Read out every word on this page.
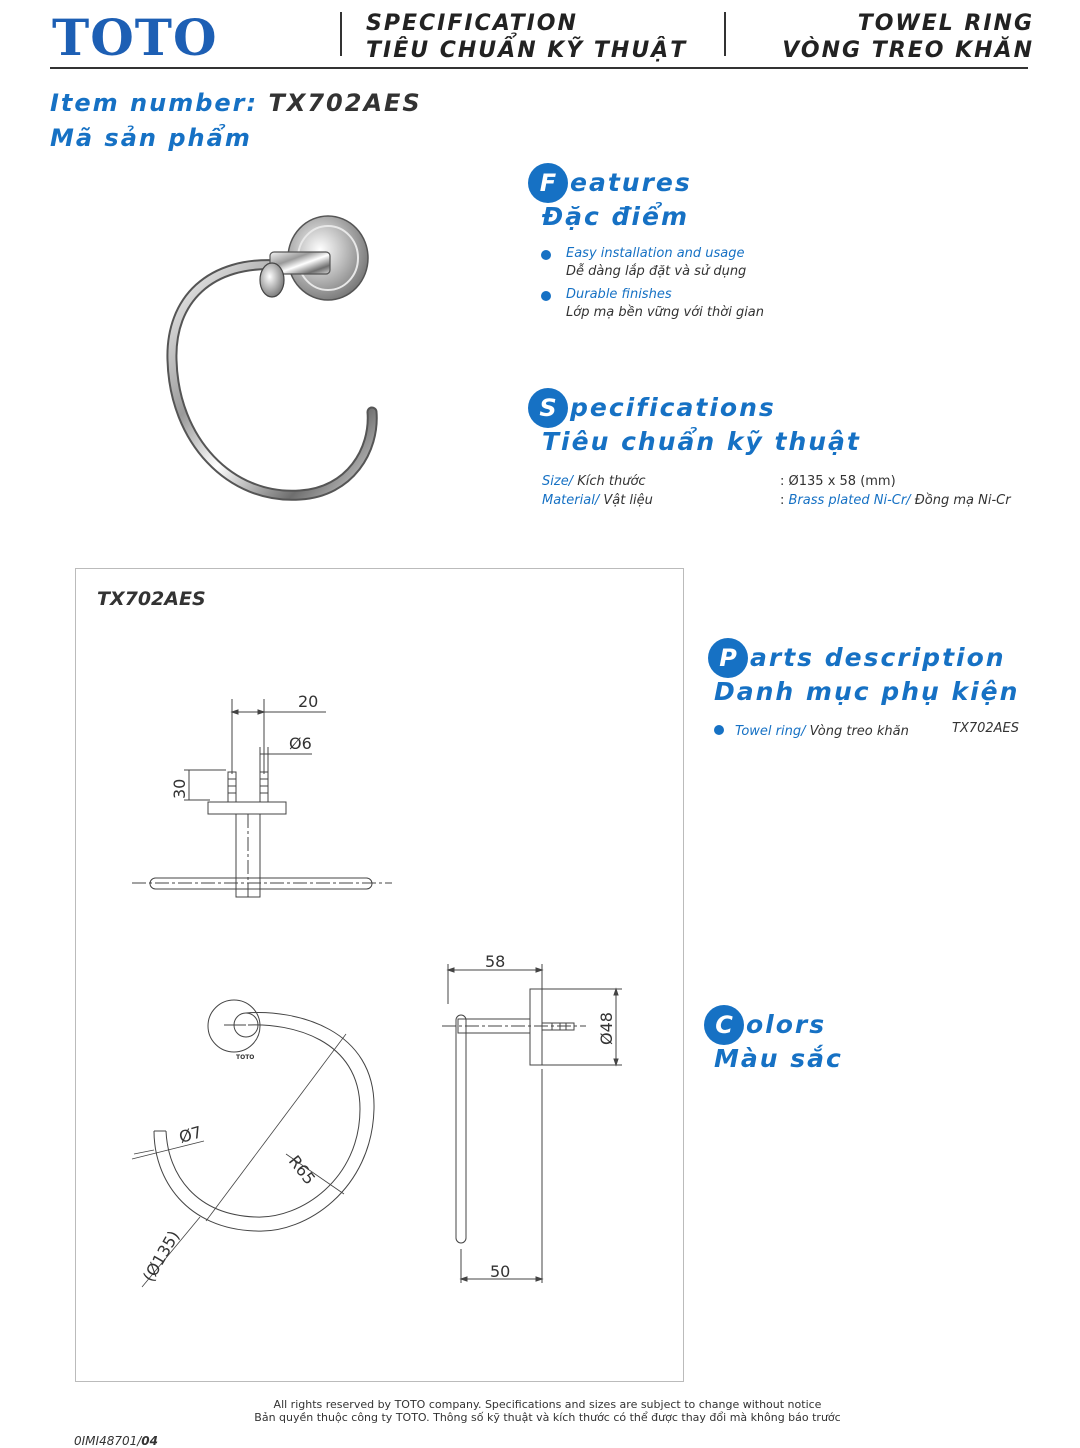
TOTO	SPECIFICATION
TIÊU CHUẨN KỸ THUẬT
TOWEL RING
VÒNG TREO KHĂN
Item number: TX702AES
Mã sản phẩm
F eatures
Đặc điểm
Easy installation and usage
Dễ dàng lắp đặt và sử dụng
Durable finishes
Lớp mạ bền vững với thời gian
S pecifications
Tiêu chuẩn kỹ thuật
Size/ Kích thước	: Ø135 x 58 (mm)
Material/ Vật liệu	: Brass plated Ni-Cr/ Đồng mạ Ni-Cr
TX702AES
20
Ø6
30
TOTO
Ø7
R65
(Ø135)
58
Ø48
50
P arts description
Danh mục phụ kiện
Towel ring/ Vòng treo khăn	TX702AES
C olors
Màu sắc
All rights reserved by TOTO company. Specifications and sizes are subject to change without notice
Bản quyền thuộc công ty TOTO. Thông số kỹ thuật và kích thước có thể được thay đổi mà không báo trước
0IMI48701/04
